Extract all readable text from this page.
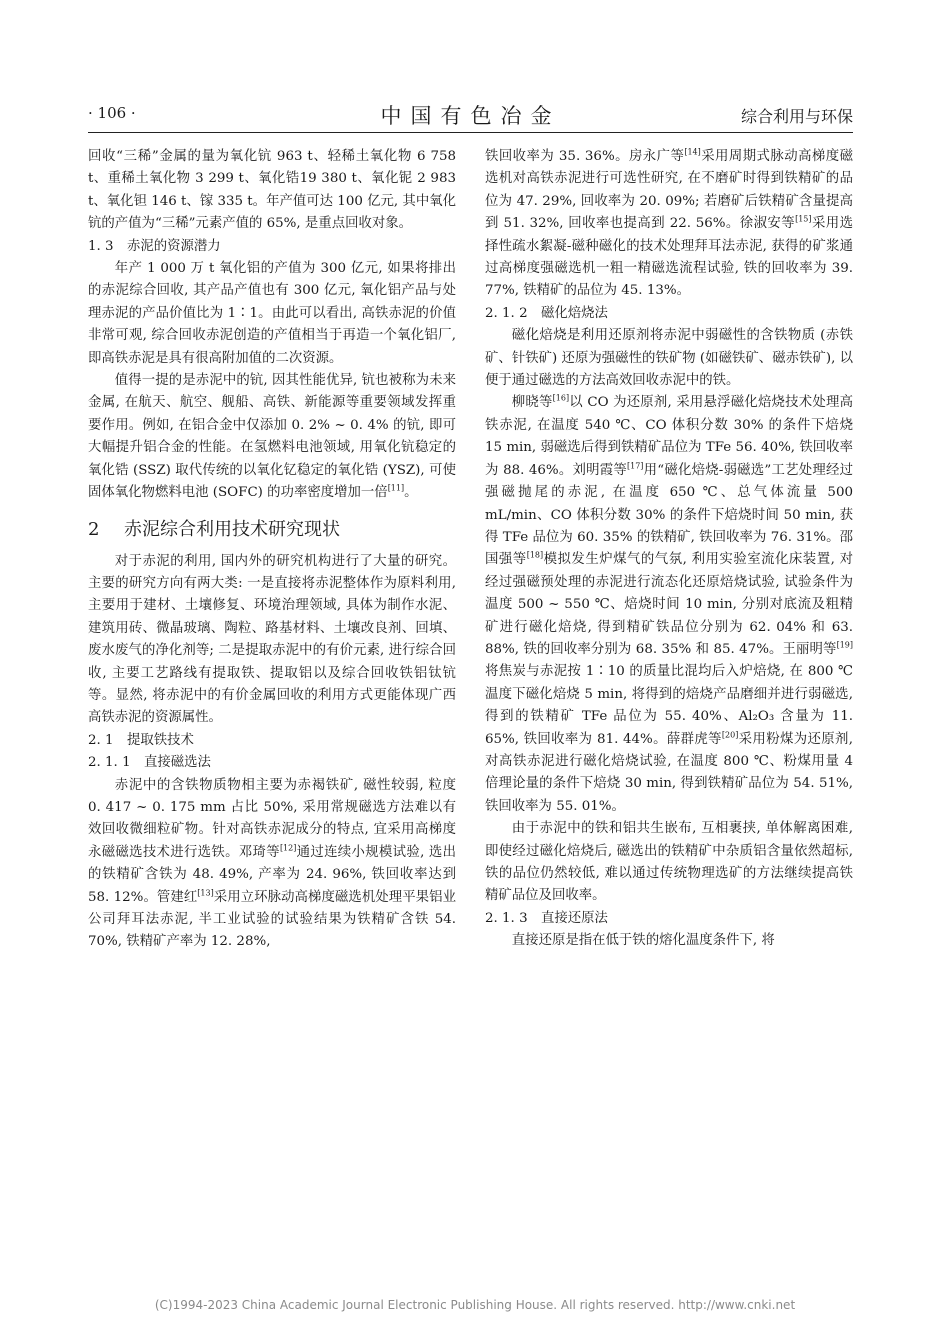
· 106 ·	中国有色冶金	综合利用与环保

回收“三稀”金属的量为氧化钪 963 t、轻稀土氧化物 6 758 t、重稀土氧化物 3 299 t、氧化锆19 380 t、氧化铌 2 983 t、氧化钽 146 t、镓 335 t。年产值可达 100 亿元, 其中氧化钪的产值为“三稀”元素产值的 65%, 是重点回收对象。

1. 3　赤泥的资源潜力

年产 1 000 万 t 氧化铝的产值为 300 亿元, 如果将排出的赤泥综合回收, 其产品产值也有 300 亿元, 氧化铝产品与处理赤泥的产品价值比为 1∶1。由此可以看出, 高铁赤泥的价值非常可观, 综合回收赤泥创造的产值相当于再造一个氧化铝厂, 即高铁赤泥是具有很高附加值的二次资源。

值得一提的是赤泥中的钪, 因其性能优异, 钪也被称为未来金属, 在航天、航空、舰船、高铁、新能源等重要领域发挥重要作用。例如, 在铝合金中仅添加 0. 2% ~ 0. 4% 的钪, 即可大幅提升铝合金的性能。在氢燃料电池领域, 用氧化钪稳定的氧化锆 (SSZ) 取代传统的以氧化钇稳定的氧化锆 (YSZ), 可使固体氧化物燃料电池 (SOFC) 的功率密度增加一倍[11]。

2 赤泥综合利用技术研究现状

对于赤泥的利用, 国内外的研究机构进行了大量的研究。主要的研究方向有两大类: 一是直接将赤泥整体作为原料利用, 主要用于建材、土壤修复、环境治理领域, 具体为制作水泥、建筑用砖、微晶玻璃、陶粒、路基材料、土壤改良剂、回填、废水废气的净化剂等; 二是提取赤泥中的有价元素, 进行综合回收, 主要工艺路线有提取铁、提取铝以及综合回收铁铝钛钪等。显然, 将赤泥中的有价金属回收的利用方式更能体现广西高铁赤泥的资源属性。

2. 1　提取铁技术

2. 1. 1　直接磁选法

赤泥中的含铁物质物相主要为赤褐铁矿, 磁性较弱, 粒度 0. 417 ~ 0. 175 mm 占比 50%, 采用常规磁选方法难以有效回收微细粒矿物。针对高铁赤泥成分的特点, 宜采用高梯度永磁磁选技术进行选铁。邓琦等[12]通过连续小规模试验, 选出的铁精矿含铁为 48. 49%, 产率为 24. 96%, 铁回收率达到 58. 12%。管建红[13]采用立环脉动高梯度磁选机处理平果铝业公司拜耳法赤泥, 半工业试验的试验结果为铁精矿含铁 54. 70%, 铁精矿产率为 12. 28%,

铁回收率为 35. 36%。房永广等[14]采用周期式脉动高梯度磁选机对高铁赤泥进行可选性研究, 在不磨矿时得到铁精矿的品位为 47. 29%, 回收率为 20. 09%; 若磨矿后铁精矿含量提高到 51. 32%, 回收率也提高到 22. 56%。徐淑安等[15]采用选择性疏水絮凝-磁种磁化的技术处理拜耳法赤泥, 获得的矿浆通过高梯度强磁选机一粗一精磁选流程试验, 铁的回收率为 39. 77%, 铁精矿的品位为 45. 13%。

2. 1. 2　磁化焙烧法

磁化焙烧是利用还原剂将赤泥中弱磁性的含铁物质 (赤铁矿、针铁矿) 还原为强磁性的铁矿物 (如磁铁矿、磁赤铁矿), 以便于通过磁选的方法高效回收赤泥中的铁。

柳晓等[16]以 CO 为还原剂, 采用悬浮磁化焙烧技术处理高铁赤泥, 在温度 540 ℃、CO 体积分数 30% 的条件下焙烧 15 min, 弱磁选后得到铁精矿品位为 TFe 56. 40%, 铁回收率为 88. 46%。刘明霞等[17]用“磁化焙烧-弱磁选”工艺处理经过强磁抛尾的赤泥, 在温度 650 ℃、总气体流量 500 mL/min、CO 体积分数 30% 的条件下焙烧时间 50 min, 获得 TFe 品位为 60. 35% 的铁精矿, 铁回收率为 76. 31%。邵国强等[18]模拟发生炉煤气的气氛, 利用实验室流化床装置, 对经过强磁预处理的赤泥进行流态化还原焙烧试验, 试验条件为温度 500 ~ 550 ℃、焙烧时间 10 min, 分别对底流及粗精矿进行磁化焙烧, 得到精矿铁品位分别为 62. 04% 和 63. 88%, 铁的回收率分别为 68. 35% 和 85. 47%。王丽明等[19]将焦炭与赤泥按 1∶10 的质量比混均后入炉焙烧, 在 800 ℃ 温度下磁化焙烧 5 min, 将得到的焙烧产品磨细并进行弱磁选, 得到的铁精矿 TFe 品位为 55. 40%、Al₂O₃ 含量为 11. 65%, 铁回收率为 81. 44%。薛群虎等[20]采用粉煤为还原剂, 对高铁赤泥进行磁化焙烧试验, 在温度 800 ℃、粉煤用量 4 倍理论量的条件下焙烧 30 min, 得到铁精矿品位为 54. 51%, 铁回收率为 55. 01%。

由于赤泥中的铁和铝共生嵌布, 互相裹挟, 单体解离困难, 即使经过磁化焙烧后, 磁选出的铁精矿中杂质铝含量依然超标, 铁的品位仍然较低, 难以通过传统物理选矿的方法继续提高铁精矿品位及回收率。

2. 1. 3　直接还原法

直接还原是指在低于铁的熔化温度条件下, 将

(C)1994-2023 China Academic Journal Electronic Publishing House. All rights reserved. http://www.cnki.net
